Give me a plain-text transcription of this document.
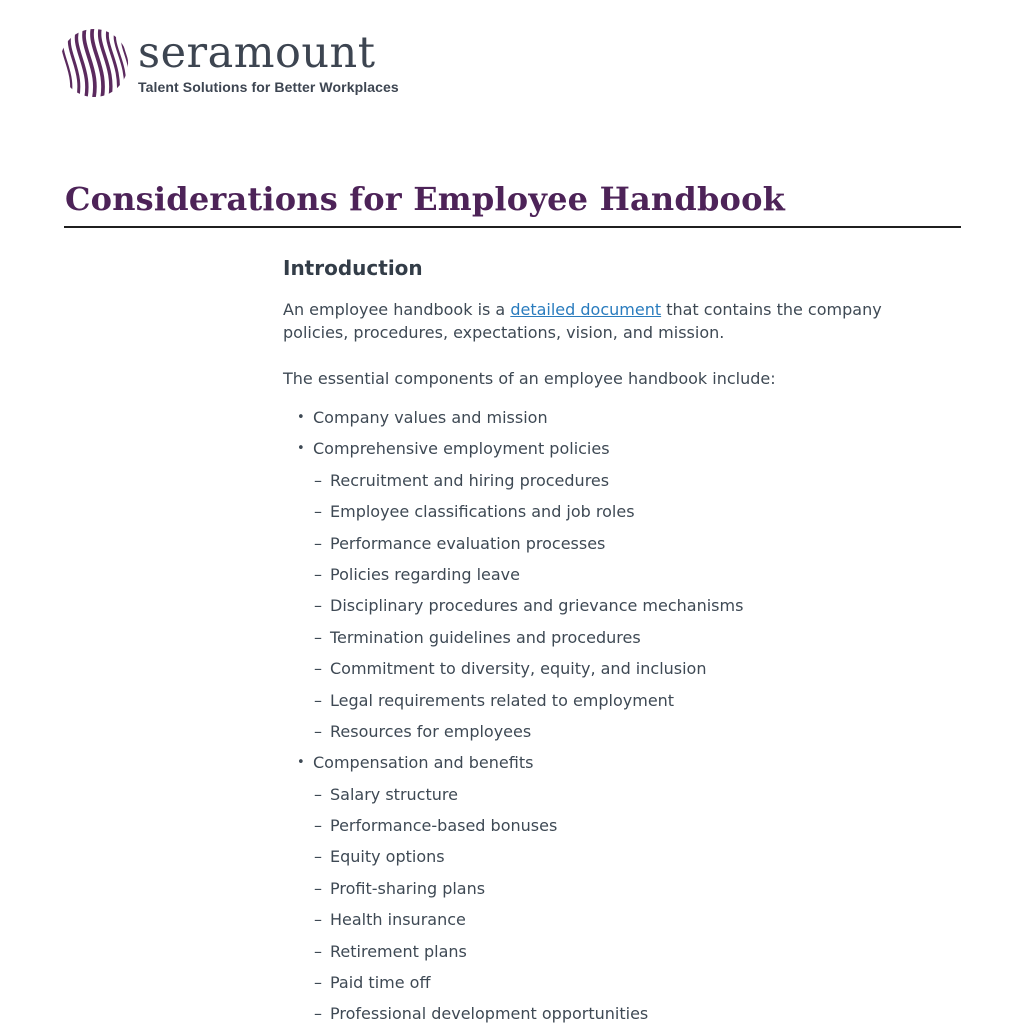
seramount
Talent Solutions for Better Workplaces
Considerations for Employee Handbook
Introduction

An employee handbook is a detailed document that contains the company policies, procedures, expectations, vision, and mission.

The essential components of an employee handbook include:

• Company values and mission
• Comprehensive employment policies
– Recruitment and hiring procedures
– Employee classifications and job roles
– Performance evaluation processes
– Policies regarding leave
– Disciplinary procedures and grievance mechanisms
– Termination guidelines and procedures
– Commitment to diversity, equity, and inclusion
– Legal requirements related to employment
– Resources for employees
• Compensation and benefits
– Salary structure
– Performance-based bonuses
– Equity options
– Profit-sharing plans
– Health insurance
– Retirement plans
– Paid time off
– Professional development opportunities
